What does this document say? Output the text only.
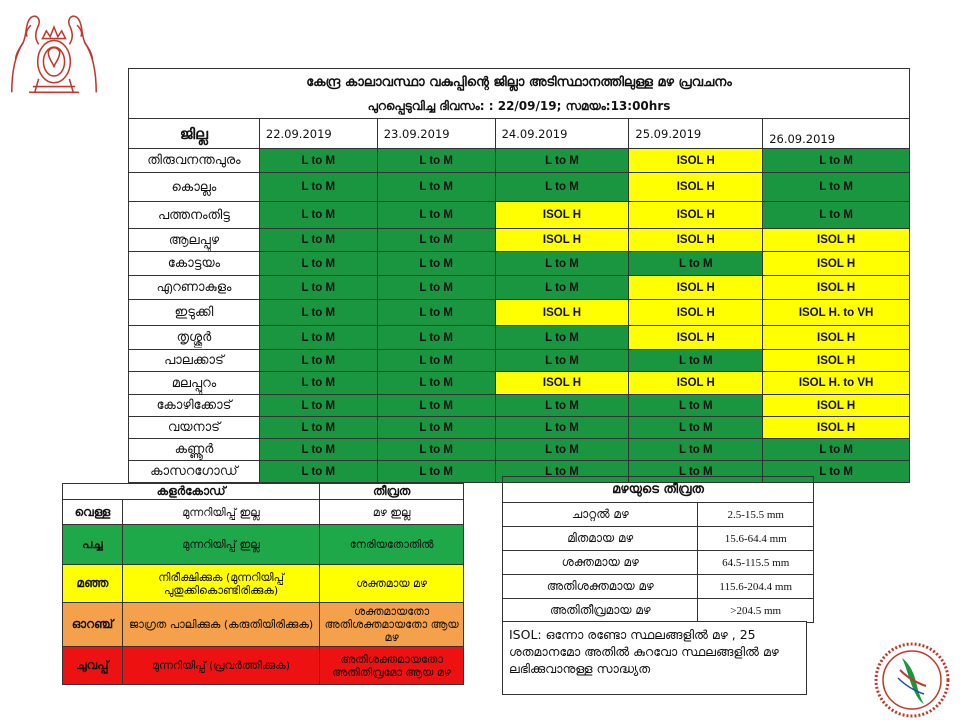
കേന്ദ്ര കാലാവസ്ഥാ വകുപ്പിന്റെ ജില്ലാ അടിസ്ഥാനത്തിലുള്ള മഴ പ്രവചനം					
പുറപ്പെടുവിച്ച ദിവസം: : 22/09/19; സമയം:13:00hrs					
ജില്ല	22.09.2019	23.09.2019	24.09.2019	25.09.2019	26.09.2019
തിരുവനന്തപുരം	L to M	L to M	L to M	ISOL H	L to M
കൊല്ലം	L to M	L to M	L to M	ISOL H	L to M
പത്തനംതിട്ട	L to M	L to M	ISOL H	ISOL H	L to M
ആലപ്പുഴ	L to M	L to M	ISOL H	ISOL H	ISOL H
കോട്ടയം	L to M	L to M	L to M	L to M	ISOL H
എറണാകുളം	L to M	L to M	L to M	ISOL H	ISOL H
ഇടുക്കി	L to M	L to M	ISOL H	ISOL H	ISOL H. to VH
തൃശ്ശൂർ	L to M	L to M	L to M	ISOL H	ISOL H
പാലക്കാട്	L to M	L to M	L to M	L to M	ISOL H
മലപ്പുറം	L to M	L to M	ISOL H	ISOL H	ISOL H. to VH
കോഴിക്കോട്	L to M	L to M	L to M	L to M	ISOL H
വയനാട്	L to M	L to M	L to M	L to M	ISOL H
കണ്ണൂർ	L to M	L to M	L to M	L to M	L to M
കാസറഗോഡ്	L to M	L to M	L to M	L to M	L to M
കളർകോഡ്		തീവ്രത
വെള്ള	മുന്നറിയിപ്പ് ഇല്ല	മഴ ഇല്ല
പച്ച	മുന്നറിയിപ്പ് ഇല്ല	നേരിയതോതിൽ
മഞ്ഞ	നിരീക്ഷിക്കുക (മുന്നറിയിപ്പ് പുതുക്കികൊണ്ടിരിക്കുക)	ശക്തമായ മഴ
ഓറഞ്ച്	ജാഗ്രത പാലിക്കുക (കരുതിയിരിക്കുക)	ശക്തമായതോ അതിശക്തമായതോ ആയ മഴ
ചുവപ്പ്	മുന്നറിയിപ്പ് (പ്രവർത്തിക്കുക)	അതിശക്തമായതോ അതിതീവ്രമോ ആയ മഴ
മഴയുടെ തീവ്രത	
ചാറ്റൽ മഴ	2.5-15.5 mm
മിതമായ മഴ	15.6-64.4 mm
ശക്തമായ മഴ	64.5-115.5 mm
അതിശക്തമായ മഴ	115.6-204.4 mm
അതിതീവ്രമായ മഴ	>204.5 mm
ISOL: ഒന്നോ രണ്ടോ സ്ഥലങ്ങളിൽ മഴ , 25 ശതമാനമോ അതിൽ കുറവോ സ്ഥലങ്ങളിൽ മഴ ലഭിക്കുവാനുള്ള സാദ്ധ്യത
